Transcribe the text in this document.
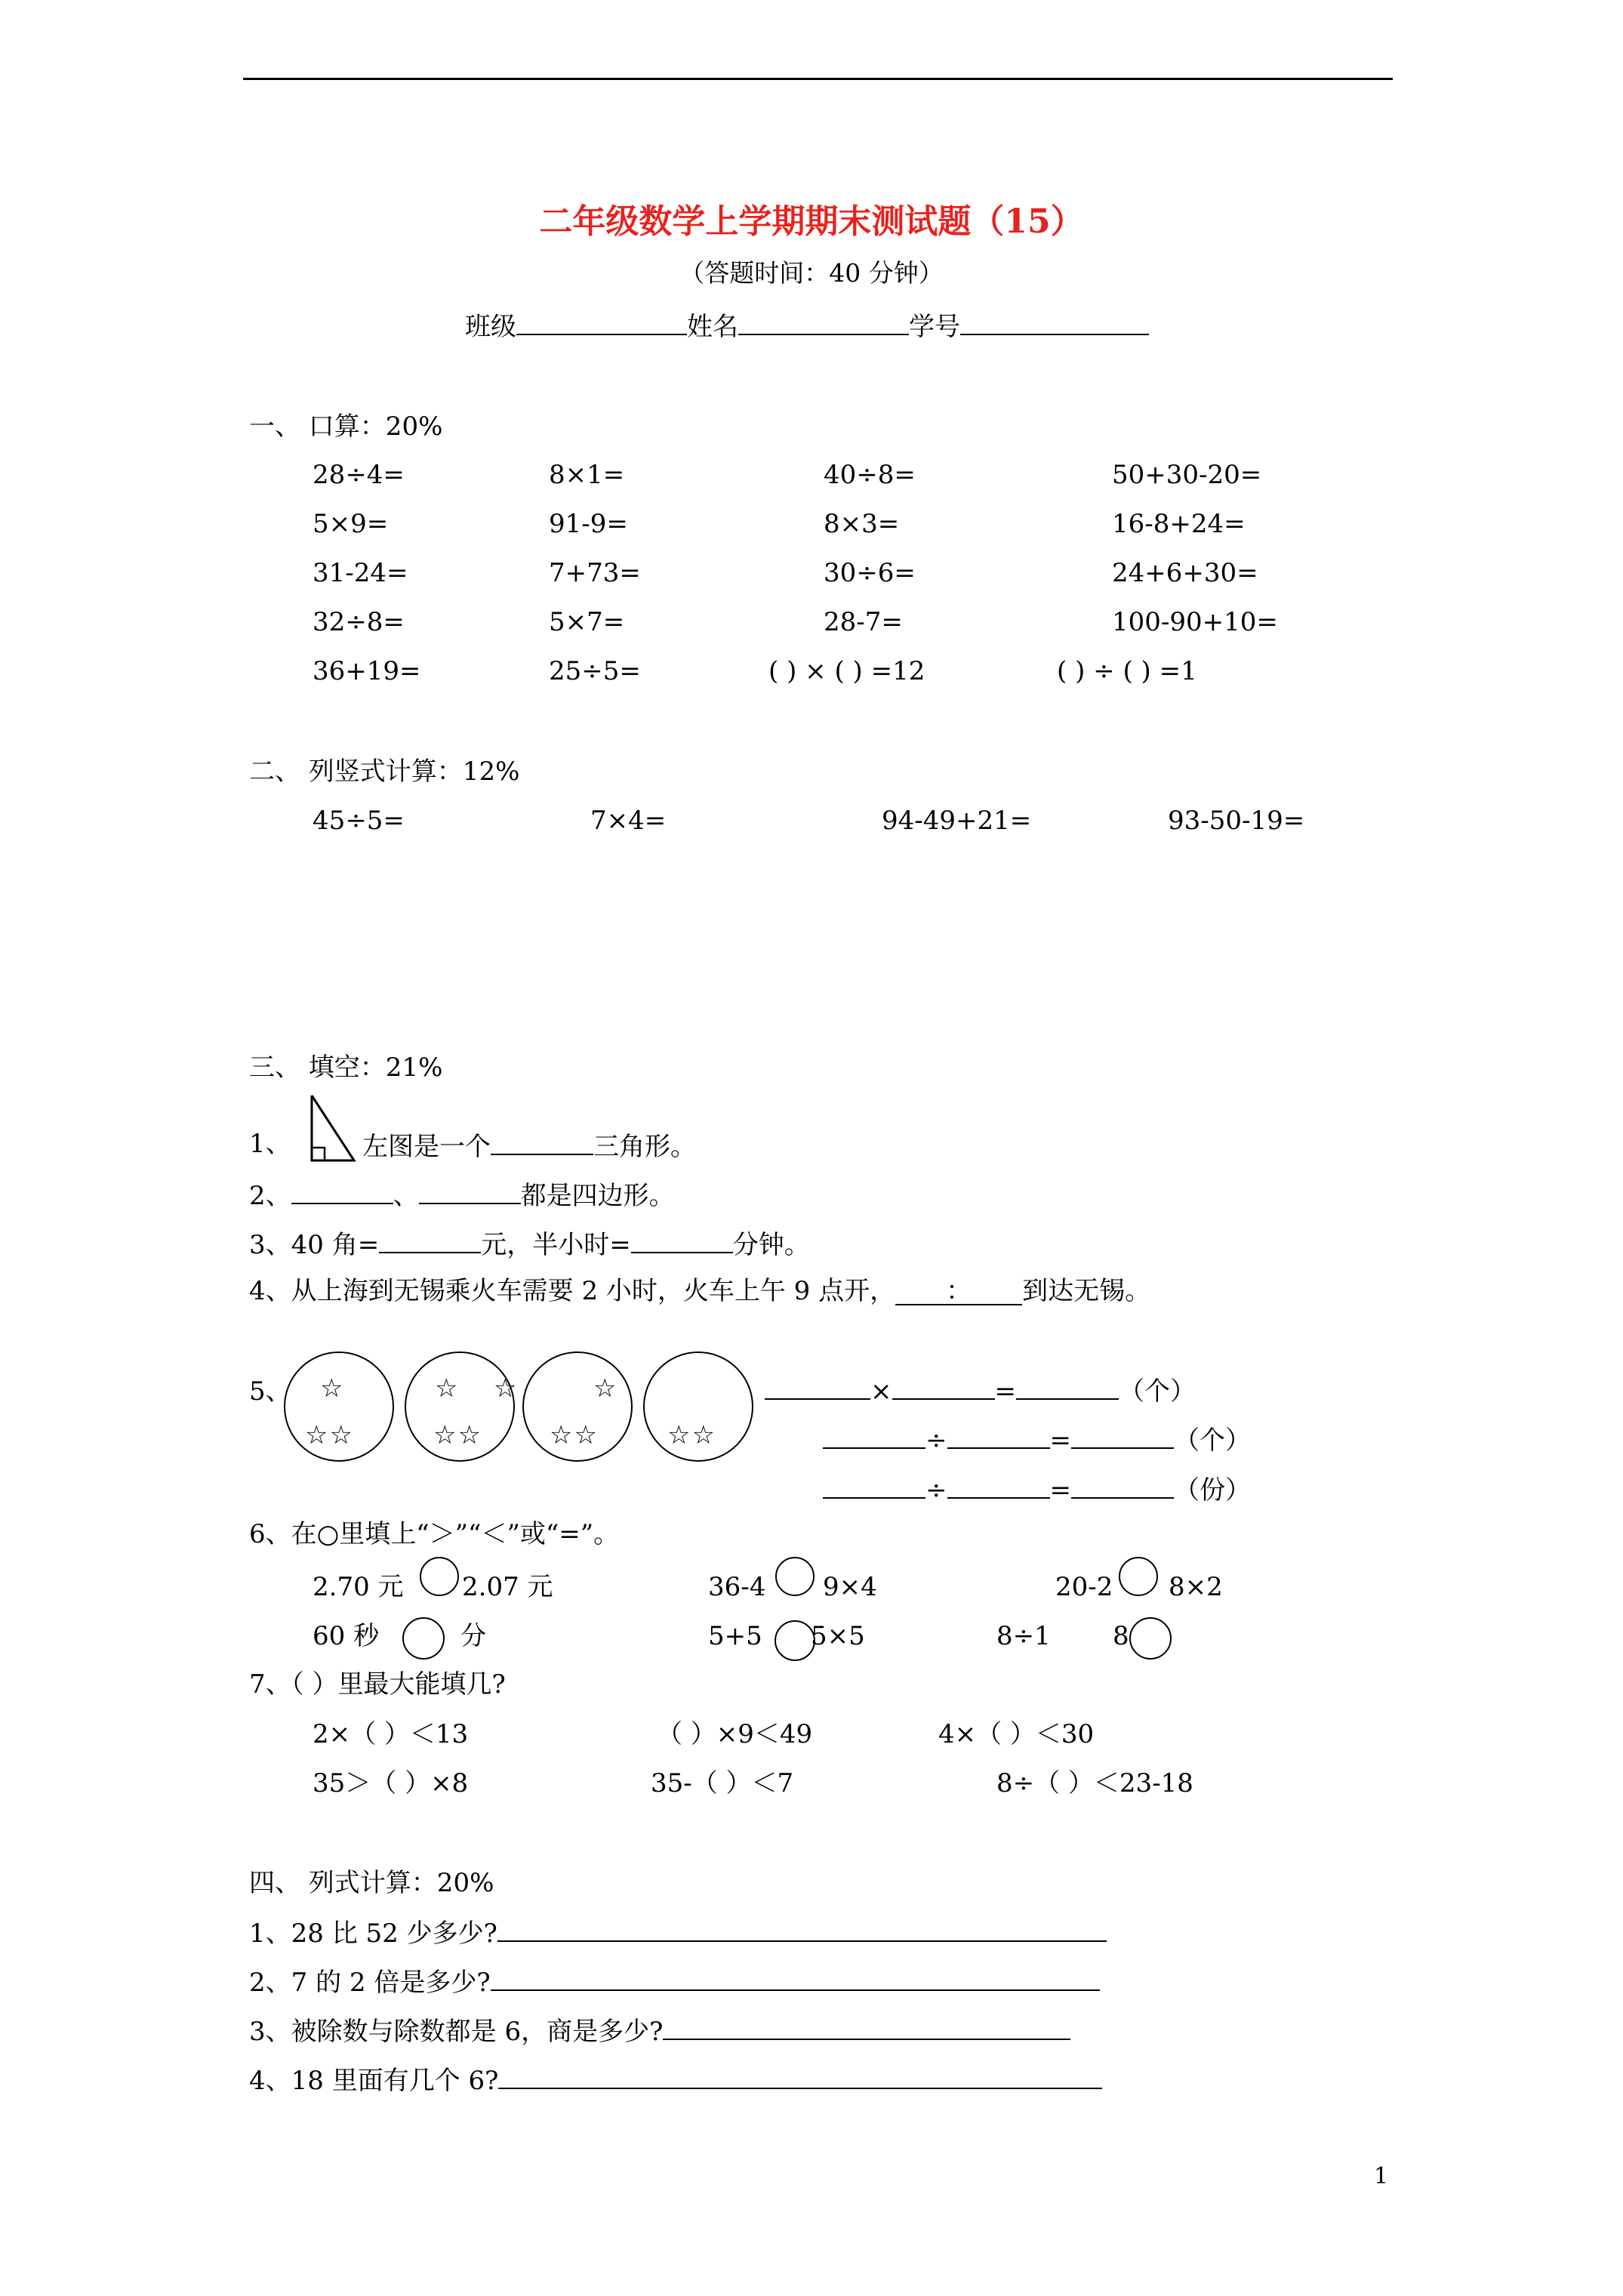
二年级数学上学期期末测试题（15）
（答题时间：40 分钟）
班级	姓名	学号
一、 口算：20%
28÷4=	8×1=	40÷8=	50+30-20=
5×9=	91-9=	8×3=	16-8+24=
31-24=	7+73=	30÷6=	24+6+30=
32÷8=	5×7=	28-7=	100-90+10=
36+19=	25÷5=	( ) × ( ) =12	( ) ÷ ( ) =1
二、 列竖式计算：12%
45÷5=	7×4=	94-49+21=	93-50-19=
三、 填空：21%
1、	左图是一个	三角形。
2、	、	都是四边形。
3、40 角=	元，半小时=	分钟。
4、从上海到无锡乘火车需要 2 小时，火车上午 9 点开， ： 到达无锡。
5、 ☆
☆☆
☆ ☆
☆☆
☆
☆☆	☆☆
×	=	（个）
÷	=	（个）
÷	=	（份）
6、在○里填上“＞”“＜”或“=”。
2.70 元 2.07 元	36-4 9×4	20-2 8×2
60 秒	分	5+5 5×5	8÷1 8
7、（ ）里最大能填几?
2×（ ）＜13	（ ）×9＜49	4×（ ）＜30
35＞（ ）×8	35-（ ）＜7	8÷（ ）＜23-18
四、 列式计算：20%
1、28 比 52 少多少?
2、7 的 2 倍是多少?
3、被除数与除数都是 6，商是多少?
4、18 里面有几个 6?
1
